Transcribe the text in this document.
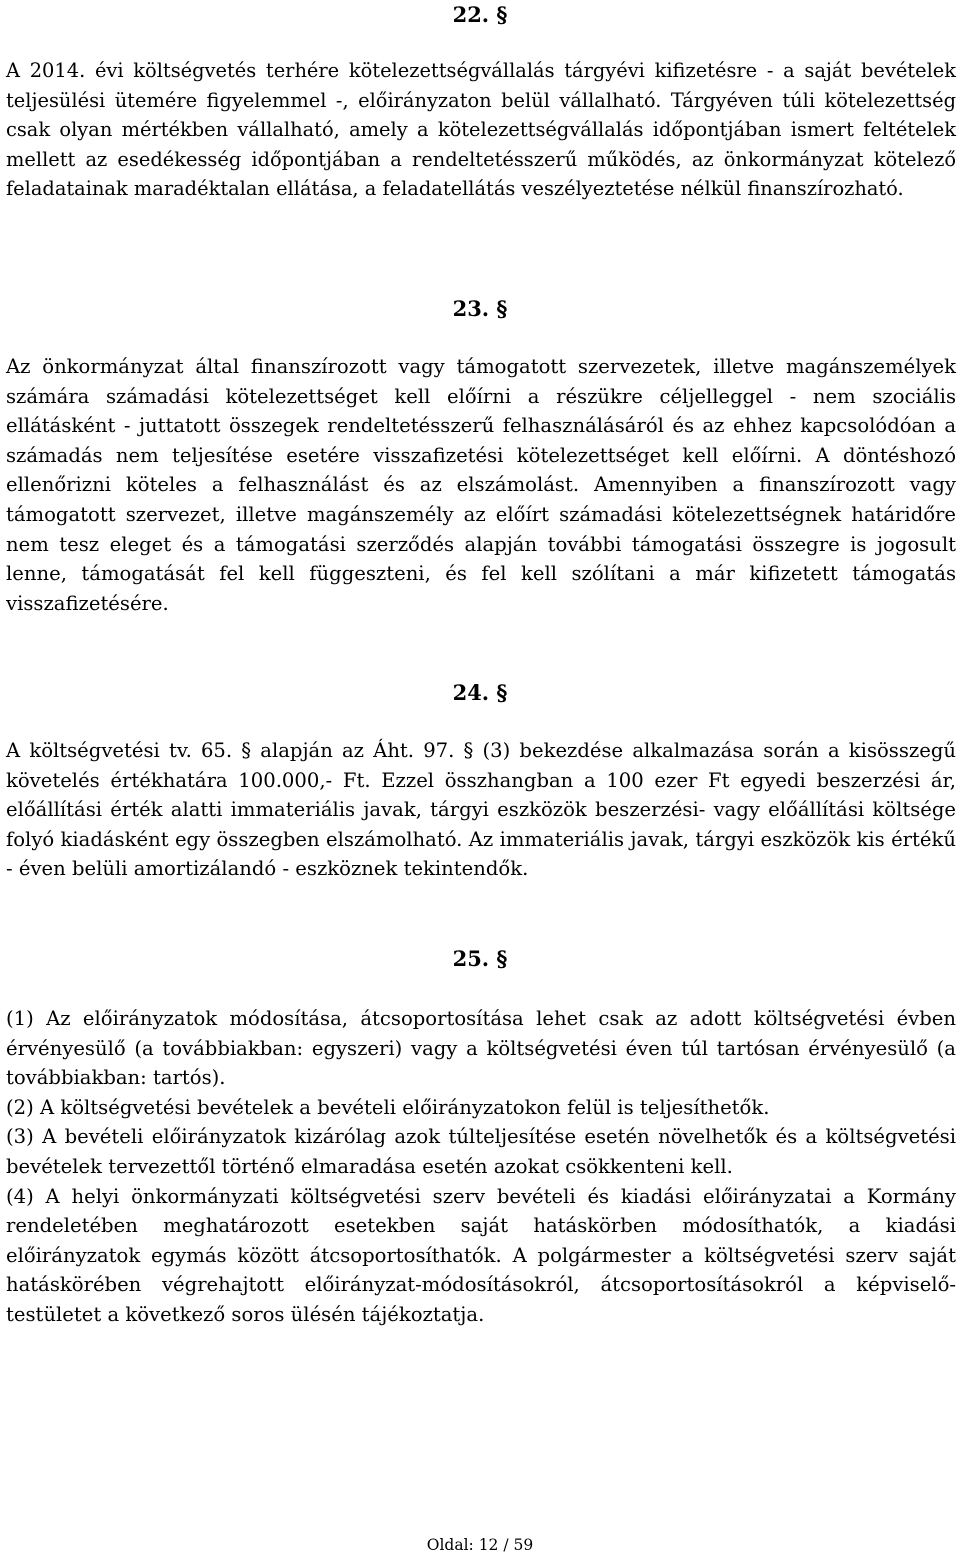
22. §
A 2014. évi költségvetés terhére kötelezettségvállalás tárgyévi kifizetésre - a saját bevételek teljesülési ütemére figyelemmel -, előirányzaton belül vállalható. Tárgyéven túli kötelezettség csak olyan mértékben vállalható, amely a kötelezettségvállalás időpontjában ismert feltételek mellett az esedékesség időpontjában a rendeltetésszerű működés, az önkormányzat kötelező feladatainak maradéktalan ellátása, a feladatellátás veszélyeztetése nélkül finanszírozható.
23. §
Az önkormányzat által finanszírozott vagy támogatott szervezetek, illetve magánszemélyek számára számadási kötelezettséget kell előírni a részükre céljelleggel - nem szociális ellátásként - juttatott összegek rendeltetésszerű felhasználásáról és az ehhez kapcsolódóan a számadás nem teljesítése esetére visszafizetési kötelezettséget kell előírni. A döntéshozó ellenőrizni köteles a felhasználást és az elszámolást. Amennyiben a finanszírozott vagy támogatott szervezet, illetve magánszemély az előírt számadási kötelezettségnek határidőre nem tesz eleget és a támogatási szerződés alapján további támogatási összegre is jogosult lenne, támogatását fel kell függeszteni, és fel kell szólítani a már kifizetett támogatás visszafizetésére.
24. §
A költségvetési tv. 65. § alapján az Áht. 97. § (3) bekezdése alkalmazása során a kisösszegű követelés értékhatára 100.000,- Ft. Ezzel összhangban a 100 ezer Ft egyedi beszerzési ár, előállítási érték alatti immateriális javak, tárgyi eszközök beszerzési- vagy előállítási költsége folyó kiadásként egy összegben elszámolható. Az immateriális javak, tárgyi eszközök kis értékű - éven belüli amortizálandó - eszköznek tekintendők.
25. §
(1) Az előirányzatok módosítása, átcsoportosítása lehet csak az adott költségvetési évben érvényesülő (a továbbiakban: egyszeri) vagy a költségvetési éven túl tartósan érvényesülő (a továbbiakban: tartós).
(2) A költségvetési bevételek a bevételi előirányzatokon felül is teljesíthetők.
(3) A bevételi előirányzatok kizárólag azok túlteljesítése esetén növelhetők és a költségvetési bevételek tervezettől történő elmaradása esetén azokat csökkenteni kell.
(4) A helyi önkormányzati költségvetési szerv bevételi és kiadási előirányzatai a Kormány rendeletében meghatározott esetekben saját hatáskörben módosíthatók, a kiadási előirányzatok egymás között átcsoportosíthatók. A polgármester a költségvetési szerv saját hatáskörében végrehajtott előirányzat-módosításokról, átcsoportosításokról a képviselő-testületet a következő soros ülésén tájékoztatja.
Oldal: 12 / 59
